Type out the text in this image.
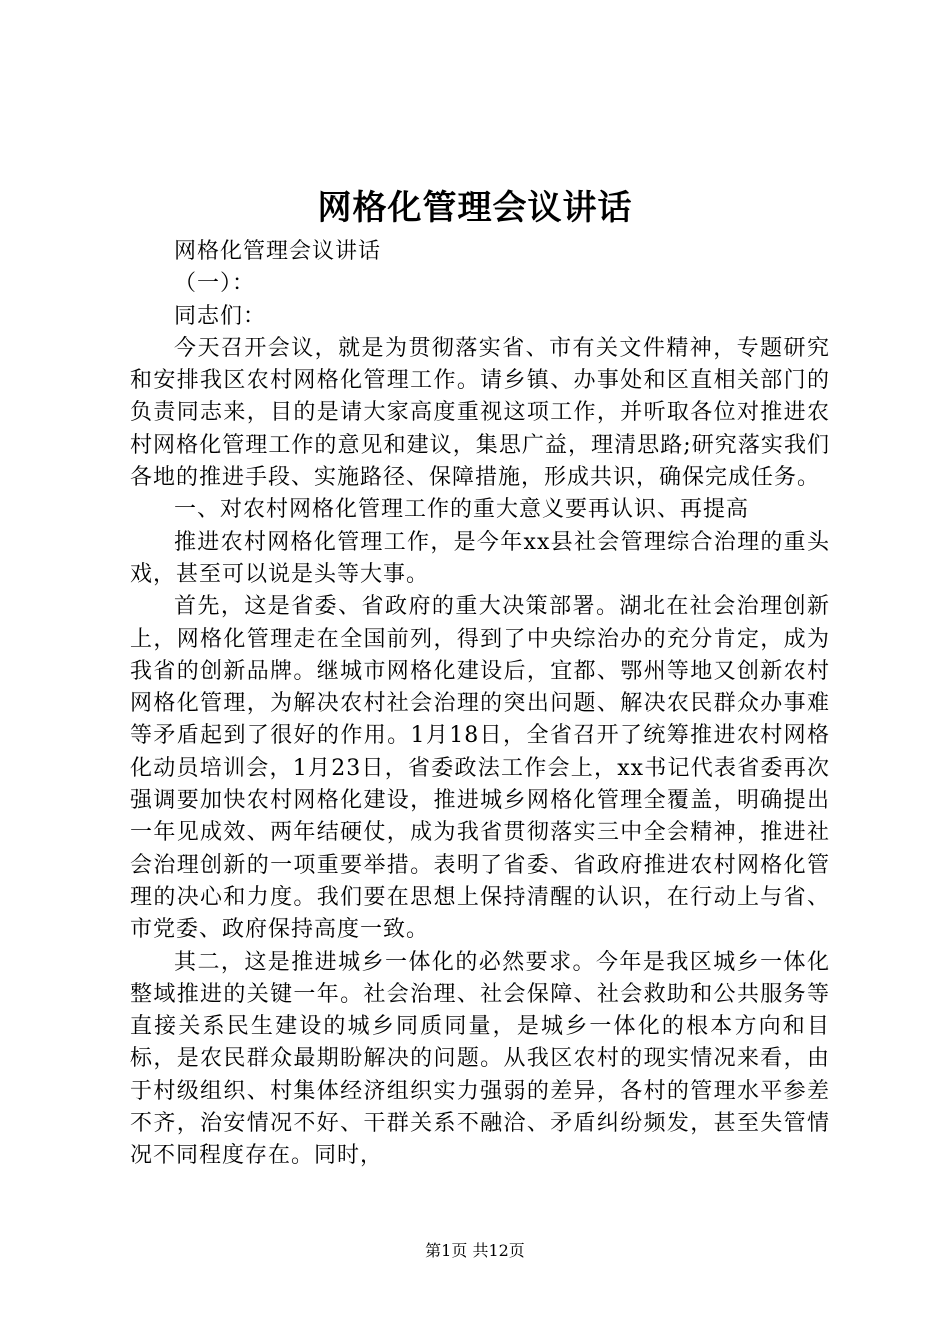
网格化管理会议讲话

网格化管理会议讲话

（一）：

同志们：

今天召开会议，就是为贯彻落实省、市有关文件精神，专题研究和安排我区农村网格化管理工作。请乡镇、办事处和区直相关部门的负责同志来，目的是请大家高度重视这项工作，并听取各位对推进农村网格化管理工作的意见和建议，集思广益，理清思路;研究落实我们各地的推进手段、实施路径、保障措施，形成共识，确保完成任务。

一、对农村网格化管理工作的重大意义要再认识、再提高

推进农村网格化管理工作，是今年xx县社会管理综合治理的重头戏，甚至可以说是头等大事。

首先，这是省委、省政府的重大决策部署。湖北在社会治理创新上，网格化管理走在全国前列，得到了中央综治办的充分肯定，成为我省的创新品牌。继城市网格化建设后，宜都、鄂州等地又创新农村网格化管理，为解决农村社会治理的突出问题、解决农民群众办事难等矛盾起到了很好的作用。1月18日，全省召开了统筹推进农村网格化动员培训会，1月23日，省委政法工作会上，xx书记代表省委再次强调要加快农村网格化建设，推进城乡网格化管理全覆盖，明确提出一年见成效、两年结硬仗，成为我省贯彻落实三中全会精神，推进社会治理创新的一项重要举措。表明了省委、省政府推进农村网格化管理的决心和力度。我们要在思想上保持清醒的认识，在行动上与省、市党委、政府保持高度一致。

其二，这是推进城乡一体化的必然要求。今年是我区城乡一体化整域推进的关键一年。社会治理、社会保障、社会救助和公共服务等直接关系民生建设的城乡同质同量，是城乡一体化的根本方向和目标，是农民群众最期盼解决的问题。从我区农村的现实情况来看，由于村级组织、村集体经济组织实力强弱的差异，各村的管理水平参差不齐，治安情况不好、干群关系不融洽、矛盾纠纷频发，甚至失管情况不同程度存在。同时，

第1页 共12页
